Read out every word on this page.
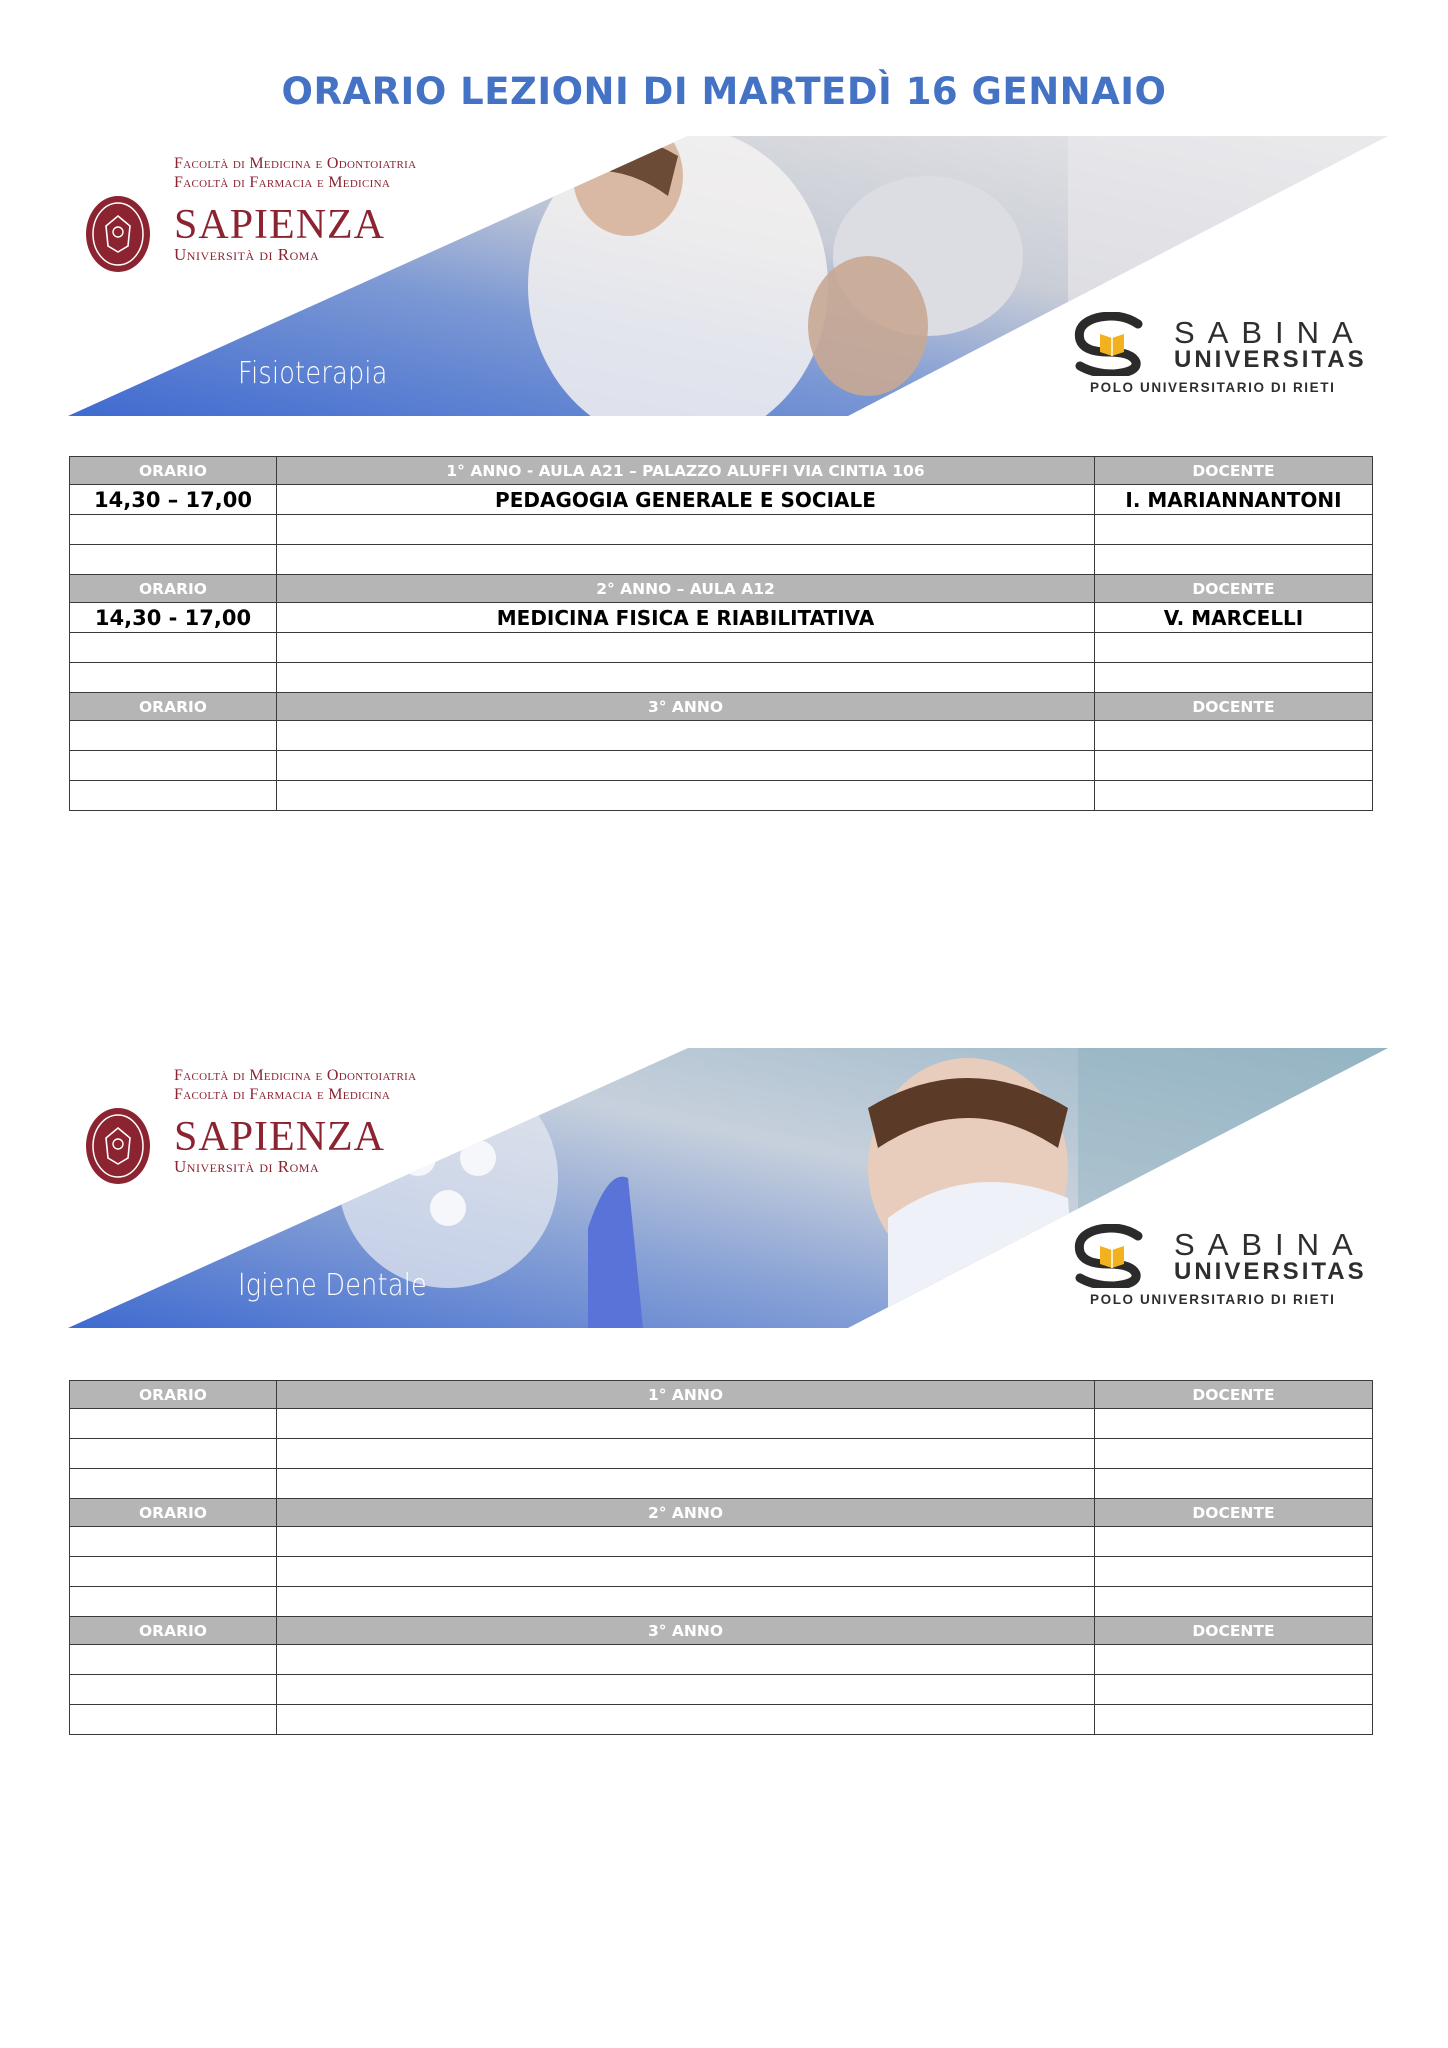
ORARIO LEZIONI DI MARTEDÌ 16 GENNAIO
Facoltà di Medicina e Odontoiatria
Facoltà di Farmacia e Medicina
SAPIENZA
Università di Roma
Fisioterapia
SABINA
UNIVERSITAS
POLO UNIVERSITARIO DI RIETI
ORARIO	1° ANNO - AULA A21 – PALAZZO ALUFFI VIA CINTIA 106	DOCENTE
14,30 – 17,00	PEDAGOGIA GENERALE E SOCIALE	I. MARIANNANTONI

ORARIO	2° ANNO – AULA A12	DOCENTE
14,30 - 17,00	MEDICINA FISICA E RIABILITATIVA	V. MARCELLI

ORARIO	3° ANNO	DOCENTE

Facoltà di Medicina e Odontoiatria
Facoltà di Farmacia e Medicina
SAPIENZA
Università di Roma
Igiene Dentale
SABINA
UNIVERSITAS
POLO UNIVERSITARIO DI RIETI
ORARIO	1° ANNO	DOCENTE

ORARIO	2° ANNO	DOCENTE

ORARIO	3° ANNO	DOCENTE
